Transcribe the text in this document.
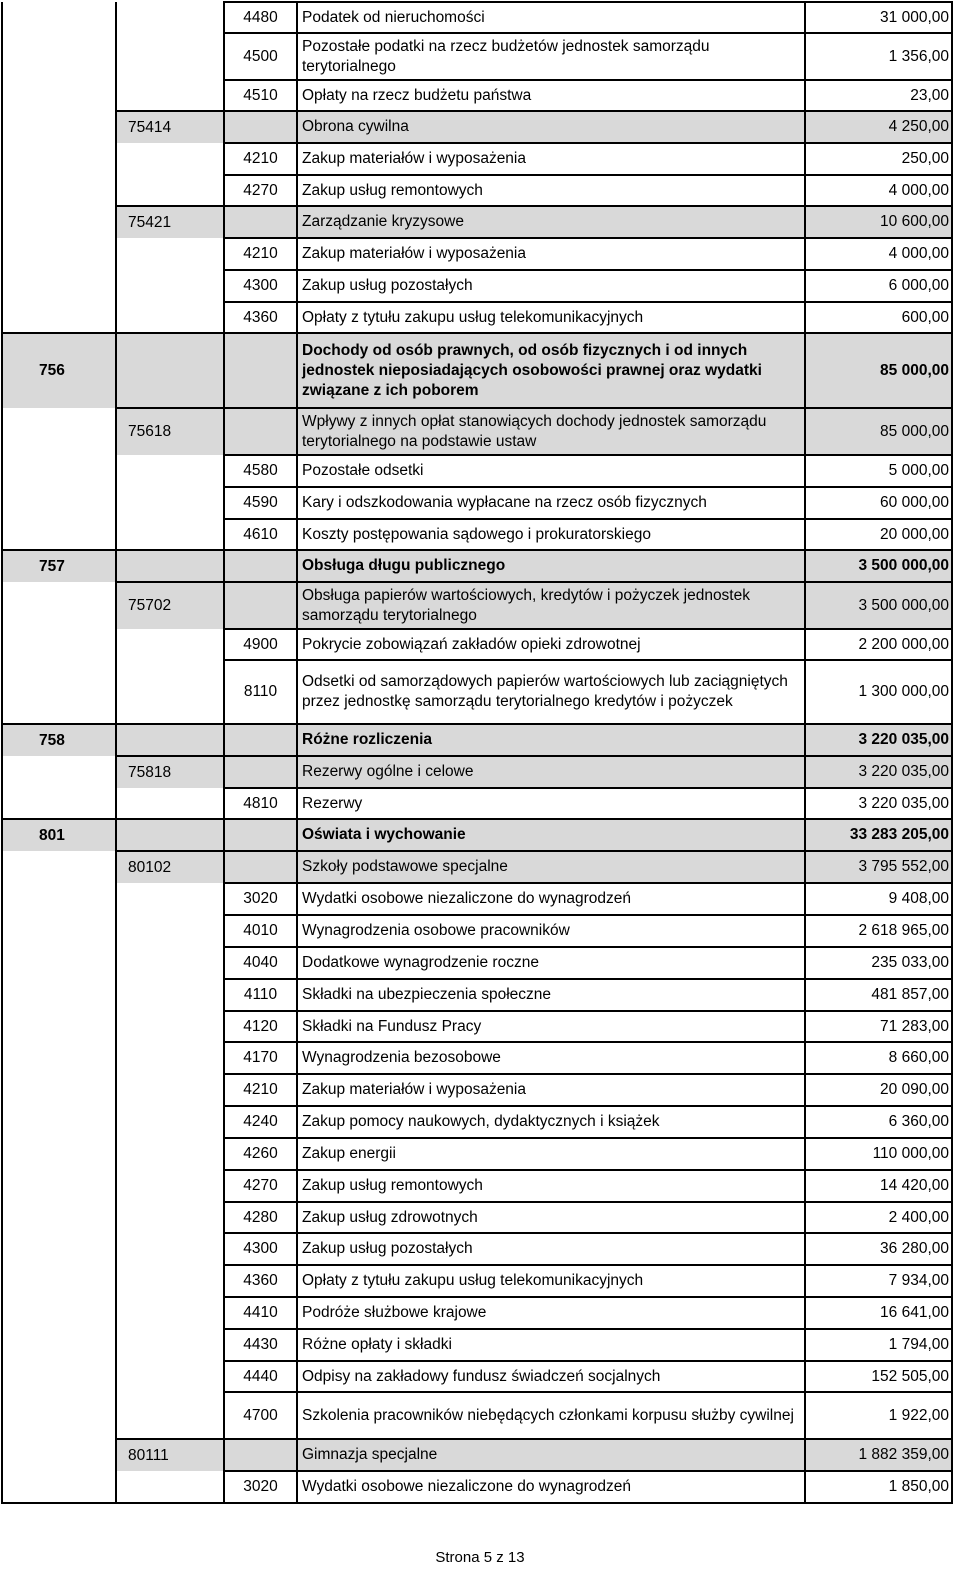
		4480	Podatek od nieruchomości	31 000,00
		4500	Pozostałe podatki na rzecz budżetów jednostek samorządu terytorialnego	1 356,00
		4510	Opłaty na rzecz budżetu państwa	23,00
	75414		Obrona cywilna	4 250,00
		4210	Zakup materiałów i wyposażenia	250,00
		4270	Zakup usług remontowych	4 000,00
	75421		Zarządzanie kryzysowe	10 600,00
		4210	Zakup materiałów i wyposażenia	4 000,00
		4300	Zakup usług pozostałych	6 000,00
		4360	Opłaty z tytułu zakupu usług telekomunikacyjnych	600,00
756			Dochody od osób prawnych, od osób fizycznych i od innych jednostek nieposiadających osobowości prawnej oraz wydatki związane z ich poborem	85 000,00
	75618		Wpływy z innych opłat stanowiących dochody jednostek samorządu terytorialnego na podstawie ustaw	85 000,00
		4580	Pozostałe odsetki	5 000,00
		4590	Kary i odszkodowania wypłacane na rzecz osób fizycznych	60 000,00
		4610	Koszty postępowania sądowego i prokuratorskiego	20 000,00
757			Obsługa długu publicznego	3 500 000,00
	75702		Obsługa papierów wartościowych, kredytów i pożyczek jednostek samorządu terytorialnego	3 500 000,00
		4900	Pokrycie zobowiązań zakładów opieki zdrowotnej	2 200 000,00
		8110	Odsetki od samorządowych papierów wartościowych lub zaciągniętych przez jednostkę samorządu terytorialnego kredytów i pożyczek	1 300 000,00
758			Różne rozliczenia	3 220 035,00
	75818		Rezerwy ogólne i celowe	3 220 035,00
		4810	Rezerwy	3 220 035,00
801			Oświata i wychowanie	33 283 205,00
	80102		Szkoły podstawowe specjalne	3 795 552,00
		3020	Wydatki osobowe niezaliczone do wynagrodzeń	9 408,00
		4010	Wynagrodzenia osobowe pracowników	2 618 965,00
		4040	Dodatkowe wynagrodzenie roczne	235 033,00
		4110	Składki na ubezpieczenia społeczne	481 857,00
		4120	Składki na Fundusz Pracy	71 283,00
		4170	Wynagrodzenia bezosobowe	8 660,00
		4210	Zakup materiałów i wyposażenia	20 090,00
		4240	Zakup pomocy naukowych, dydaktycznych i książek	6 360,00
		4260	Zakup energii	110 000,00
		4270	Zakup usług remontowych	14 420,00
		4280	Zakup usług zdrowotnych	2 400,00
		4300	Zakup usług pozostałych	36 280,00
		4360	Opłaty z tytułu zakupu usług telekomunikacyjnych	7 934,00
		4410	Podróże służbowe krajowe	16 641,00
		4430	Różne opłaty i składki	1 794,00
		4440	Odpisy na zakładowy fundusz świadczeń socjalnych	152 505,00
		4700	Szkolenia pracowników niebędących członkami korpusu służby cywilnej	1 922,00
	80111		Gimnazja specjalne	1 882 359,00
		3020	Wydatki osobowe niezaliczone do wynagrodzeń	1 850,00
Strona 5 z 13
